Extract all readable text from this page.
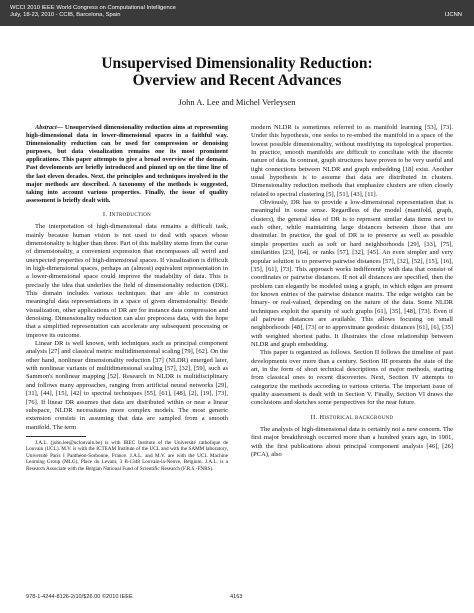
WCCI 2010 IEEE World Congress on Computational Intelligence
July, 18-23, 2010 - CCIB, Barcelona, Spain	IJCNN
Unsupervised Dimensionality Reduction:
Overview and Recent Advances
John A. Lee and Michel Verleysen

Abstract— Unsupervised dimensionality reduction aims at representing high-dimensional data in lower-dimensional spaces in a faithful way. Dimensionality reduction can be used for compression or denoising purposes, but data visualization remains one its most prominent applications. This paper attempts to give a broad overview of the domain. Past develoments are briefly introduced and pinned up on the time line of the last eleven decades. Next, the principles and techniques involved in the major methods are described. A taxonomy of the methods is suggested, taking into account various properties. Finally, the issue of quality assessment is briefly dealt with.

I. Introduction

The interpretation of high-dimensional data remains a difficult task, mainly because human vision is not used to deal with spaces whose dimensionality is higher than three. Part of this inability stems from the curse of dimensionality, a convenient expression that encompasses all weird and unexpected properties of high-dimensional spaces. If visualization is difficult in high-dimensional spaces, perhaps an (almost) equivalent representation in a lower-dimensional space could improve the readability of data. This is precisely the idea that underlies the field of dimensionality reduction (DR). This domain includes various techniques that are able to construct meaningful data representations in a space of given dimensionality. Beside visualization, other applications of DR are for instance data compression and denoising. Dimensionality reduction can also preprocess data, with the hope that a simplified representation can accelerate any subsequent processing or improve its outcome.

Linear DR is well known, with techniques such as principal component analysis [27] and classical metric multidimensional scaling [79], [62]. On the other hand, nonlinear dimensionality reduction [37] (NLDR) emerged later, with nonlinear variants of multidimensional scaling [57], [32], [59], such as Sammon's nonlinear mapping [52]. Research in NLDR is multidisciplinary and follows many approaches, ranging from artificial neural networks [29], [31], [44], [15], [42] to spectral techniques [55], [61], [48], [2], [19], [73], [76]. If linear DR assumes that data are distributed within or near a linear subspace, NLDR necessitates more complex models. The most generic extension consists in assuming that data are sampled from a smooth manifold. The term

J.A.L. (john.lee@uclouvain.be) is with IREC Institute of the Université catholique de Louvain (UCL). M.V. is with the ICTEAM Institute of the UCL and with the SAMM laboratory, Université Paris I Panthéon-Sorbonne, France. J.A.L. and M.V. are with the UCL Machine Learning Group (MLG), Place du Levant, 3 B-1348 Louvain-la-Neuve, Belgium. J.A.L. is a Research Associate with the Belgian National Fund of Scientific Research (F.R.S.-FNRS).

modern NLDR is sometimes referred to as manifold learning [53], [73]. Under this hypothesis, one seeks to re-embed the manifold in a space of the lowest possible dimensionality, without modifying its topological properties. In practice, smooth manifolds are difficult to conciliate with the discrete nature of data. In contrast, graph structures have proven to be very useful and tight connections between NLDR and graph embedding [18] exist. Another usual hypothesis is to assume that data are distributed in clusters. Dimensionality reduction methods that emphasize clusters are often closely related to spectral clustering [5], [51], [43], [11].

Obviously, DR has to provide a low-dimensional representation that is meaningful in some sense. Regardless of the model (manifold, graph, clusters), the general idea of DR is to represent similar data items next to each other, while maintaining large distances between those that are dissimilar. In practice, the goal of DR is to preserve as well as possible simple properties such as soft or hard neighborhoods [29], [33], [75], similarities [23], [64], or ranks [57], [32], [45]. An even simpler and very popular solution is to preserve pairwise distances [57], [32], [52], [15], [16], [35], [61], [73]. This approach works indifferently with data that consist of coordinates or pairwise distances. If not all distances are specified, then the problem can elegantly be modeled using a graph, in which edges are present for known entries of the pairwise distance matrix. The edge weights can be binary- or real-valued, depending on the nature of the data. Some NLDR techniques exploit the sparsity of such graphs [61], [35], [48], [73]. Even if all pairwise distances are available. This allows focusing on small neighborhoods [48], [73] or to approximate geodesic distances [61], [6], [35] with weighted shortest paths. It illustrates the close relationship between NLDR and graph embedding.

This paper is organized as follows. Section II follows the timeline of past developments over more than a century. Section III presents the state of the art, in the form of short technical descriptions of major methods, starting from classical ones to recent discoveries. Next, Section IV attempts to categorize the methods according to various criteria. The important issue of quality assessment is dealt with in Section V. Finally, Section VI draws the conclusions and sketches some perspectives for the near future.

II. Historical background

The analysis of high-dimensional data is certainly not a new concern. The first major breakthrough occurred more than a hundred years ago, in 1901, with the first publications about principal component analysis [46], [26] (PCA), also

978-1-4244-8126-2/10/$26.00 ©2010 IEEE	4163
